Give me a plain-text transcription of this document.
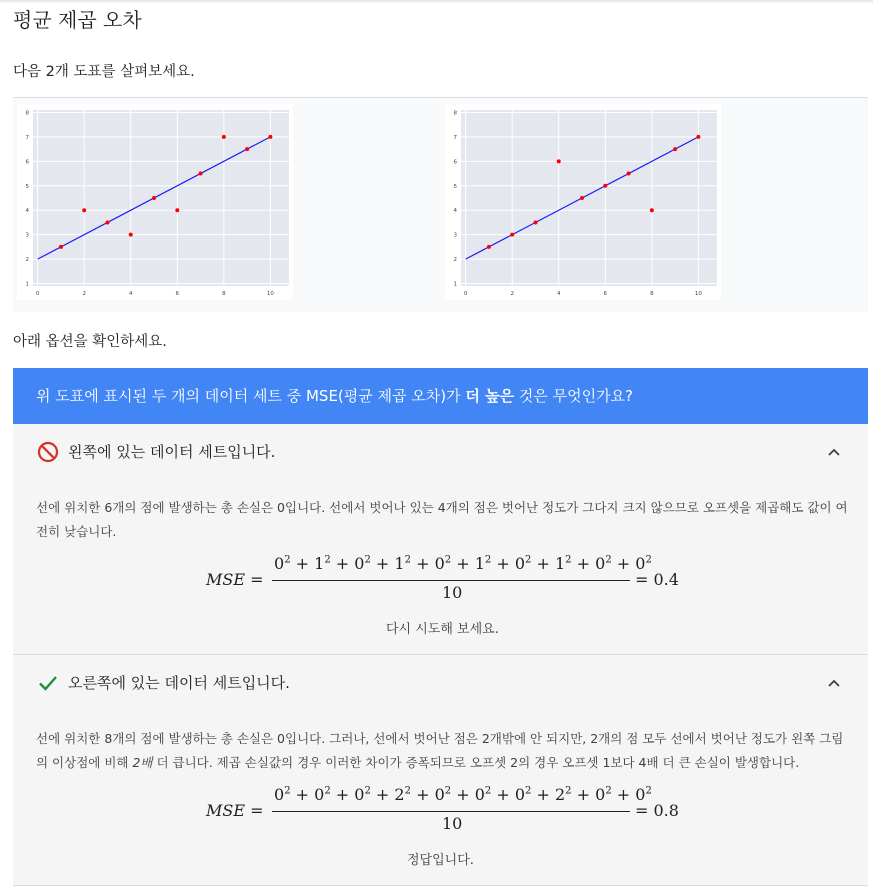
평균 제곱 오차
다음 2개 도표를 살펴보세요.
0	2	4	6	8	10
1
2
3
4
5
6
7
8
0	2	4	6	8	10
1
2
3
4
5
6
7
8
아래 옵션을 확인하세요.
위 도표에 표시된 두 개의 데이터 세트 중 MSE(평균 제곱 오차)가 더 높은 것은 무엇인가요?
왼쪽에 있는 데이터 세트입니다.
선에 위치한 6개의 점에 발생하는 총 손실은 0입니다. 선에서 벗어나 있는 4개의 점은 벗어난 정도가 그다지 크지 않으므로 오프셋을 제곱해도 값이 여전히 낮습니다.
MSE =
$0^2 + 1^2 + 0^2 + 1^2 + 0^2 + 1^2 + 0^2 + 1^2 + 0^2 + 0^2$
10
= 0.4
다시 시도해 보세요.
오른쪽에 있는 데이터 세트입니다.
선에 위치한 8개의 점에 발생하는 총 손실은 0입니다. 그러나, 선에서 벗어난 점은 2개밖에 안 되지만, 2개의 점 모두 선에서 벗어난 정도가 왼쪽 그림의 이상점에 비해 2배 더 큽니다. 제곱 손실값의 경우 이러한 차이가 증폭되므로 오프셋 2의 경우 오프셋 1보다 4배 더 큰 손실이 발생합니다.
MSE =
$0^2 + 0^2 + 0^2 + 2^2 + 0^2 + 0^2 + 0^2 + 2^2 + 0^2 + 0^2$
10
= 0.8
정답입니다.
